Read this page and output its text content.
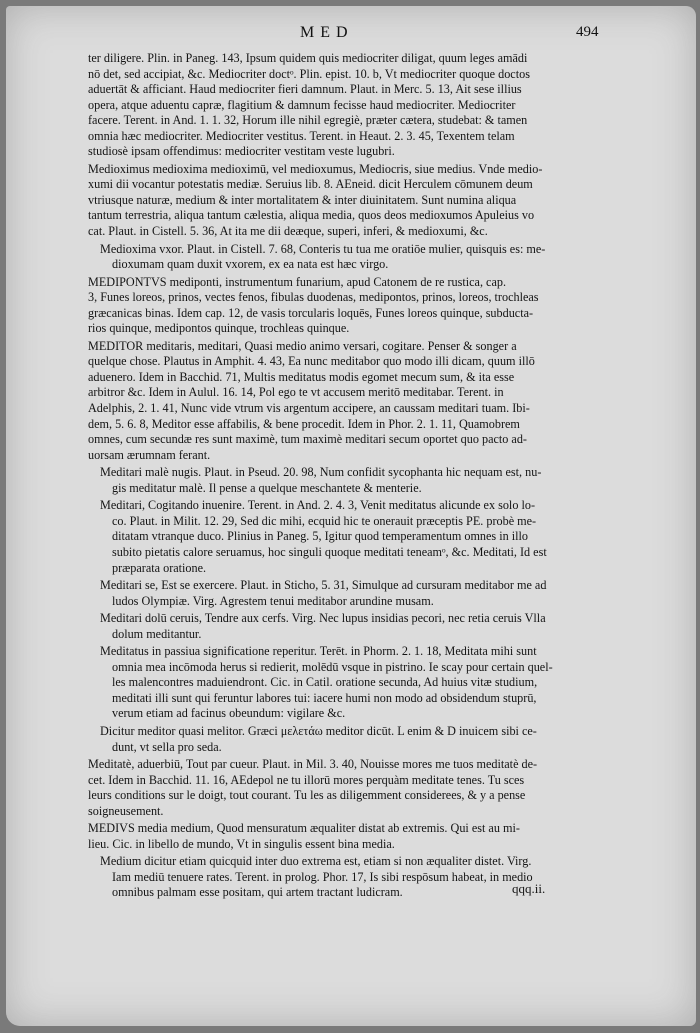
MED	494
ter diligere. Plin. in Paneg. 143, Ipsum quidem quis mediocriter diligat, quum leges amādi
nō det, sed accipiat, &c. Mediocriter doctᵒ. Plin. epist. 10. b, Vt mediocriter quoque doctos
aduertāt & afficiant. Haud mediocriter fieri damnum. Plaut. in Merc. 5. 13, Ait sese illius
opera, atque aduentu capræ, flagitium & damnum fecisse haud mediocriter. Mediocriter
facere. Terent. in And. 1. 1. 32, Horum ille nihil egregiè, præter cætera, studebat: & tamen
omnia hæc mediocriter. Mediocriter vestitus. Terent. in Heaut. 2. 3. 45, Texentem telam
studiosè ipsam offendimus: mediocriter vestitam veste lugubri.
Medioximus medioxima medioximū, vel medioxumus, Mediocris, siue medius. Vnde medio-
xumi dii vocantur potestatis mediæ. Seruius lib. 8. AEneid. dicit Herculem cōmunem deum
vtriusque naturæ, medium & inter mortalitatem & inter diuinitatem. Sunt numina aliqua
tantum terrestria, aliqua tantum cælestia, aliqua media, quos deos medioxumos Apuleius vo
cat. Plaut. in Cistell. 5. 36, At ita me dii deæque, superi, inferi, & medioxumi, &c.
Medioxima vxor. Plaut. in Cistell. 7. 68, Conteris tu tua me oratiōe mulier, quisquis es: me-
dioxumam quam duxit vxorem, ex ea nata est hæc virgo.
MEDIPONTVS mediponti, instrumentum funarium, apud Catonem de re rustica, cap.
3, Funes loreos, prinos, vectes fenos, fibulas duodenas, medipontos, prinos, loreos, trochleas
græcanicas binas. Idem cap. 12, de vasis torcularis loquēs, Funes loreos quinque, subducta-
rios quinque, medipontos quinque, trochleas quinque.
MEDITOR meditaris, meditari, Quasi medio animo versari, cogitare. Penser & songer a
quelque chose. Plautus in Amphit. 4. 43, Ea nunc meditabor quo modo illi dicam, quum illō
aduenero. Idem in Bacchid. 71, Multis meditatus modis egomet mecum sum, & ita esse
arbitror &c. Idem in Aulul. 16. 14, Pol ego te vt accusem meritō meditabar. Terent. in
Adelphis, 2. 1. 41, Nunc vide vtrum vis argentum accipere, an caussam meditari tuam. Ibi-
dem, 5. 6. 8, Meditor esse affabilis, & bene procedit. Idem in Phor. 2. 1. 11, Quamobrem
omnes, cum secundæ res sunt maximè, tum maximè meditari secum oportet quo pacto ad-
uorsam ærumnam ferant.
Meditari malè nugis. Plaut. in Pseud. 20. 98, Num confidit sycophanta hic nequam est, nu-
gis meditatur malè. Il pense a quelque meschantete & menterie.
Meditari, Cogitando inuenire. Terent. in And. 2. 4. 3, Venit meditatus alicunde ex solo lo-
co. Plaut. in Milit. 12. 29, Sed dic mihi, ecquid hic te onerauit præceptis PE. probè me-
ditatam vtranque duco. Plinius in Paneg. 5, Igitur quod temperamentum omnes in illo
subito pietatis calore seruamus, hoc singuli quoque meditati teneamᵒ, &c. Meditati, Id est
præparata oratione.
Meditari se, Est se exercere. Plaut. in Sticho, 5. 31, Simulque ad cursuram meditabor me ad
ludos Olympiæ. Virg. Agrestem tenui meditabor arundine musam.
Meditari dolū ceruis, Tendre aux cerfs. Virg. Nec lupus insidias pecori, nec retia ceruis Vlla
dolum meditantur.
Meditatus in passiua significatione reperitur. Terēt. in Phorm. 2. 1. 18, Meditata mihi sunt
omnia mea incōmoda herus si redierit, molēdū vsque in pistrino. Ie scay pour certain quel-
les malencontres maduiendront. Cic. in Catil. oratione secunda, Ad huius vitæ studium,
meditati illi sunt qui feruntur labores tui: iacere humi non modo ad obsidendum stuprū,
verum etiam ad facinus obeundum: vigilare &c.
Dicitur meditor quasi melitor. Græci μελετάω meditor dicūt. L enim & D inuicem sibi ce-
dunt, vt sella pro seda.
Meditatè, aduerbiū, Tout par cueur. Plaut. in Mil. 3. 40, Nouisse mores me tuos meditatè de-
cet. Idem in Bacchid. 11. 16, AEdepol ne tu illorū mores perquàm meditate tenes. Tu sces
leurs conditions sur le doigt, tout courant. Tu les as diligemment considerees, & y a pense
soigneusement.
MEDIVS media medium, Quod mensuratum æqualiter distat ab extremis. Qui est au mi-
lieu. Cic. in libello de mundo, Vt in singulis essent bina media.
Medium dicitur etiam quicquid inter duo extrema est, etiam si non æqualiter distet. Virg.
Iam mediū tenuere rates. Terent. in prolog. Phor. 17, Is sibi respōsum habeat, in medio
omnibus palmam esse positam, qui artem tractant ludicram.	qqq.ii.
